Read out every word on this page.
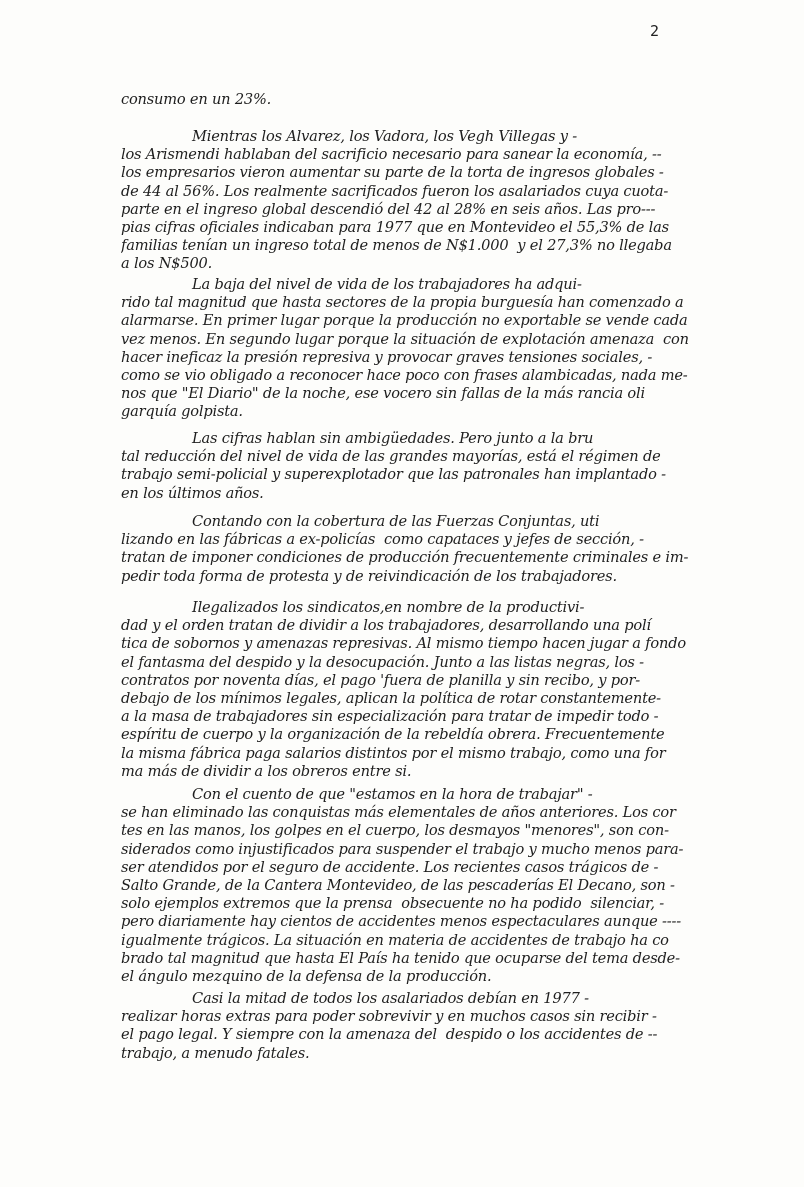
2
consumo en un 23%.
Mientras los Alvarez, los Vadora, los Vegh Villegas y -
los Arismendi hablaban del sacrificio necesario para sanear la economía, --
los empresarios vieron aumentar su parte de la torta de ingresos globales -
de 44 al 56%. Los realmente sacrificados fueron los asalariados cuya cuota-
parte en el ingreso global descendió del 42 al 28% en seis años. Las pro---
pias cifras oficiales indicaban para 1977 que en Montevideo el 55,3% de las
familias tenían un ingreso total de menos de N$1.000  y el 27,3% no llegaba
a los N$500.
La baja del nivel de vida de los trabajadores ha adqui-
rido tal magnitud que hasta sectores de la propia burguesía han comenzado a
alarmarse. En primer lugar porque la producción no exportable se vende cada
vez menos. En segundo lugar porque la situación de explotación amenaza  con
hacer ineficaz la presión represiva y provocar graves tensiones sociales, -
como se vio obligado a reconocer hace poco con frases alambicadas, nada me-
nos que "El Diario" de la noche, ese vocero sin fallas de la más rancia oli
garquía golpista.
Las cifras hablan sin ambigüedades. Pero junto a la bru
tal reducción del nivel de vida de las grandes mayorías, está el régimen de
trabajo semi-policial y superexplotador que las patronales han implantado -
en los últimos años.
Contando con la cobertura de las Fuerzas Conjuntas, uti
lizando en las fábricas a ex-policías  como capataces y jefes de sección, -
tratan de imponer condiciones de producción frecuentemente criminales e im-
pedir toda forma de protesta y de reivindicación de los trabajadores.
Ilegalizados los sindicatos,en nombre de la productivi-
dad y el orden tratan de dividir a los trabajadores, desarrollando una polí
tica de sobornos y amenazas represivas. Al mismo tiempo hacen jugar a fondo
el fantasma del despido y la desocupación. Junto a las listas negras, los -
contratos por noventa días, el pago 'fuera de planilla y sin recibo, y por-
debajo de los mínimos legales, aplican la política de rotar constantemente-
a la masa de trabajadores sin especialización para tratar de impedir todo -
espíritu de cuerpo y la organización de la rebeldía obrera. Frecuentemente
la misma fábrica paga salarios distintos por el mismo trabajo, como una for
ma más de dividir a los obreros entre si.
Con el cuento de que "estamos en la hora de trabajar" -
se han eliminado las conquistas más elementales de años anteriores. Los cor
tes en las manos, los golpes en el cuerpo, los desmayos "menores", son con-
siderados como injustificados para suspender el trabajo y mucho menos para-
ser atendidos por el seguro de accidente. Los recientes casos trágicos de -
Salto Grande, de la Cantera Montevideo, de las pescaderías El Decano, son -
solo ejemplos extremos que la prensa  obsecuente no ha podido  silenciar, -
pero diariamente hay cientos de accidentes menos espectaculares aunque ----
igualmente trágicos. La situación en materia de accidentes de trabajo ha co
brado tal magnitud que hasta El País ha tenido que ocuparse del tema desde-
el ángulo mezquino de la defensa de la producción.
Casi la mitad de todos los asalariados debían en 1977 -
realizar horas extras para poder sobrevivir y en muchos casos sin recibir -
el pago legal. Y siempre con la amenaza del  despido o los accidentes de --
trabajo, a menudo fatales.
